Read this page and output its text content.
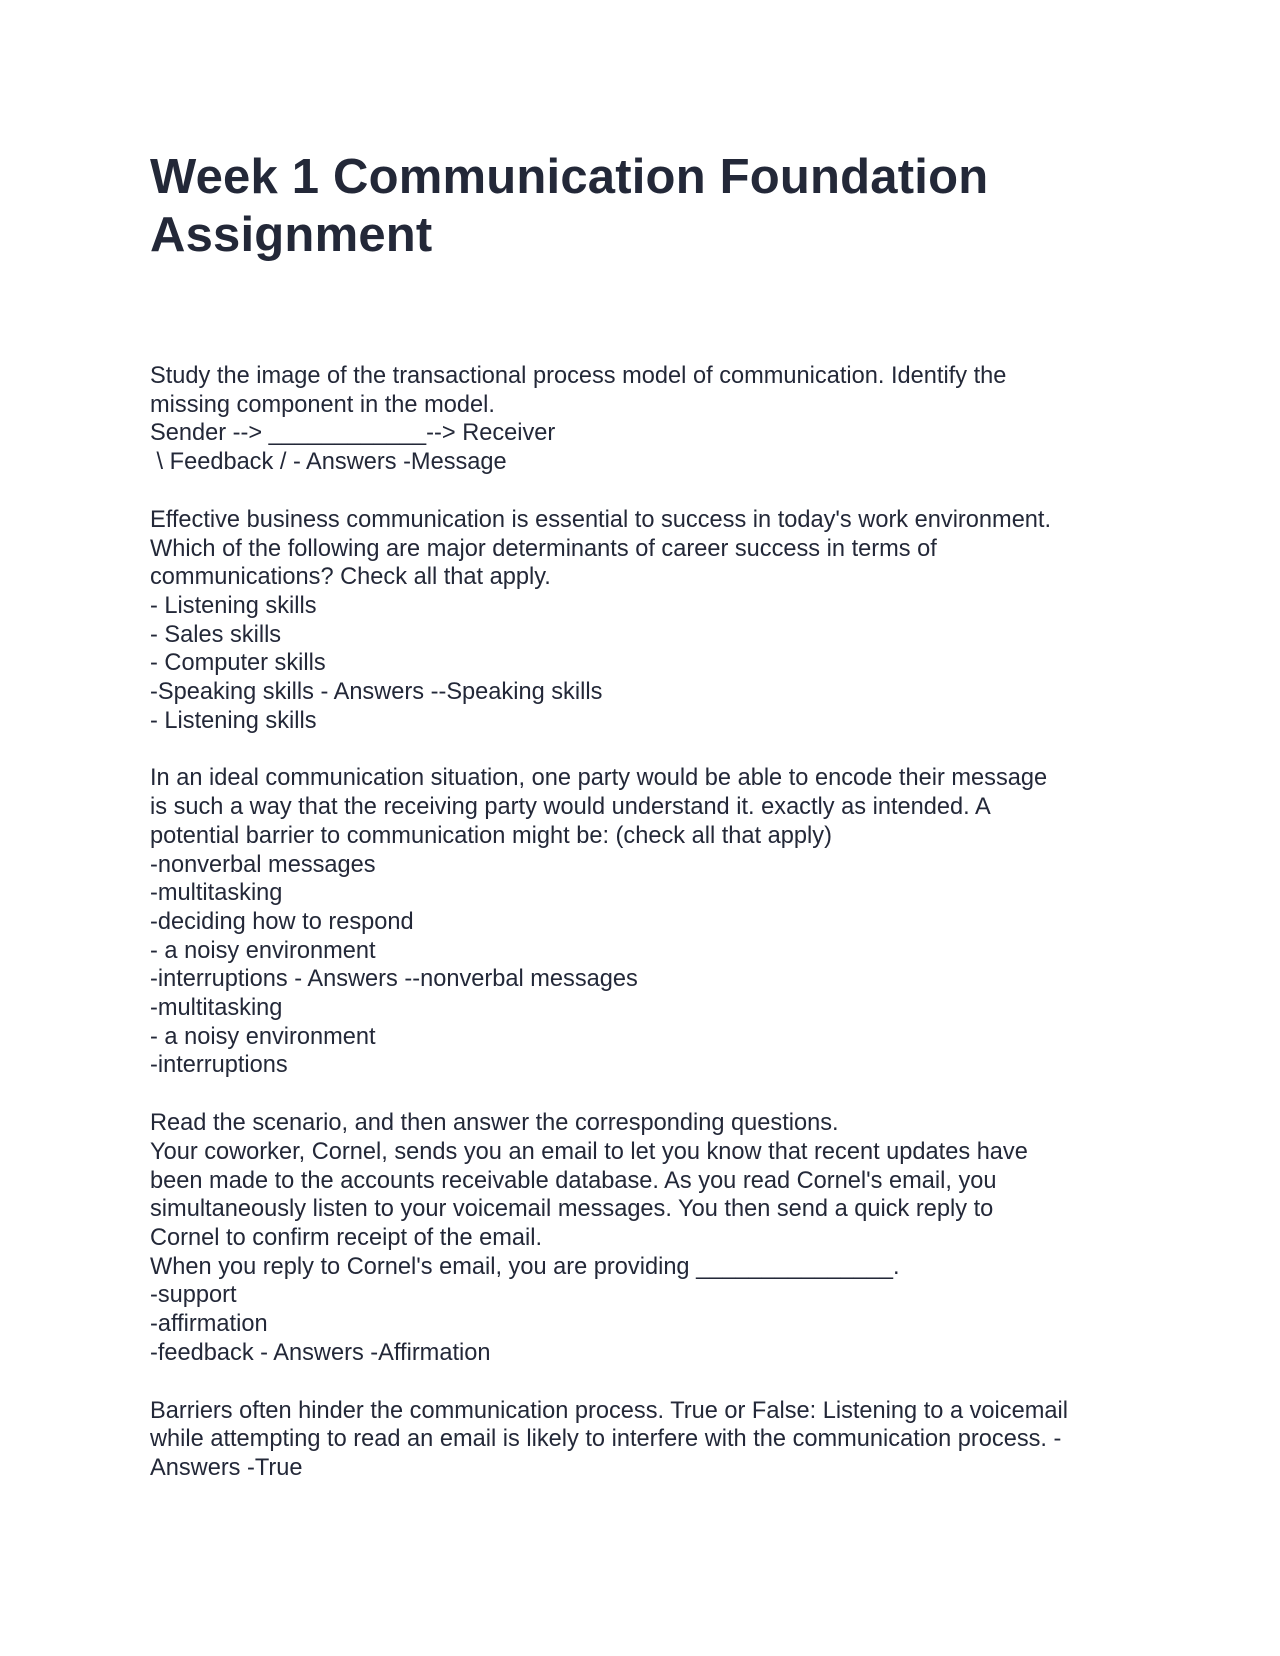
Week 1 Communication Foundation
Assignment
Study the image of the transactional process model of communication. Identify the
missing component in the model.
Sender --> ____________--> Receiver
\ Feedback / - Answers -Message
Effective business communication is essential to success in today's work environment.
Which of the following are major determinants of career success in terms of
communications? Check all that apply.
- Listening skills
- Sales skills
- Computer skills
-Speaking skills - Answers --Speaking skills
- Listening skills
In an ideal communication situation, one party would be able to encode their message
is such a way that the receiving party would understand it. exactly as intended. A
potential barrier to communication might be: (check all that apply)
-nonverbal messages
-multitasking
-deciding how to respond
- a noisy environment
-interruptions - Answers --nonverbal messages
-multitasking
- a noisy environment
-interruptions
Read the scenario, and then answer the corresponding questions.
Your coworker, Cornel, sends you an email to let you know that recent updates have
been made to the accounts receivable database. As you read Cornel's email, you
simultaneously listen to your voicemail messages. You then send a quick reply to
Cornel to confirm receipt of the email.
When you reply to Cornel's email, you are providing _______________.
-support
-affirmation
-feedback - Answers -Affirmation
Barriers often hinder the communication process. True or False: Listening to a voicemail
while attempting to read an email is likely to interfere with the communication process. -
Answers -True
